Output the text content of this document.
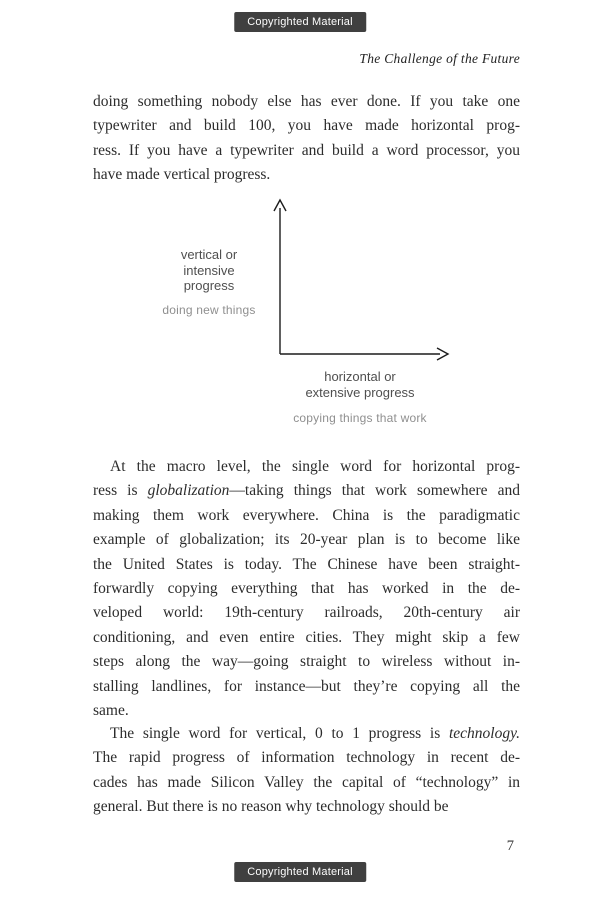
Copyrighted Material
The Challenge of the Future
doing something nobody else has ever done. If you take one
typewriter and build 100, you have made horizontal prog-
ress. If you have a typewriter and build a word processor, you
have made vertical progress.
vertical or
intensive
progress
doing new things
horizontal or
extensive progress
copying things that work
At the macro level, the single word for horizontal prog-
ress is globalization—taking things that work somewhere and
making them work everywhere. China is the paradigmatic
example of globalization; its 20-year plan is to become like
the United States is today. The Chinese have been straight-
forwardly copying everything that has worked in the de-
veloped world: 19th-century railroads, 20th-century air
conditioning, and even entire cities. They might skip a few
steps along the way—going straight to wireless without in-
stalling landlines, for instance—but they’re copying all the
same.
The single word for vertical, 0 to 1 progress is technology.
The rapid progress of information technology in recent de-
cades has made Silicon Valley the capital of “technology” in
general. But there is no reason why technology should be
7
Copyrighted Material
